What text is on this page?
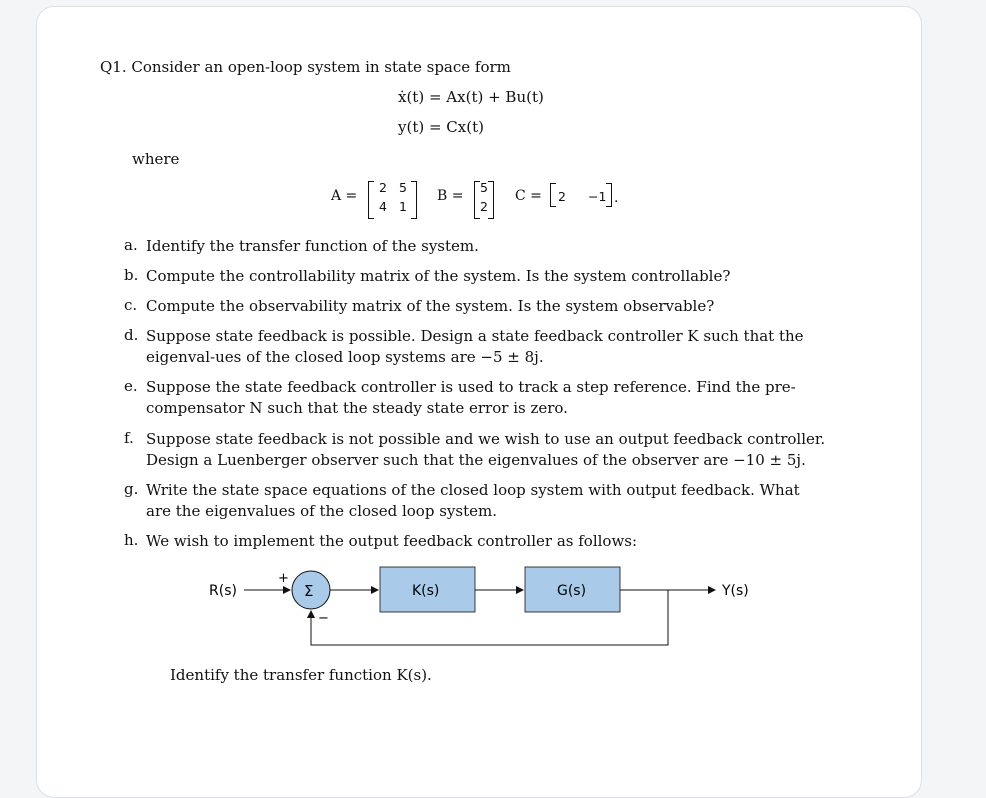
Q1. Consider an open-loop system in state space form
ẋ(t) = Ax(t) + Bu(t)
y(t) = Cx(t)
where
A =
2 5
4 1
B =
5
2
C = 2 −1 .
a. Identify the transfer function of the system.
b. Compute the controllability matrix of the system. Is the system controllable?
c. Compute the observability matrix of the system. Is the system observable?
d. Suppose state feedback is possible. Design a state feedback controller K such that the eigenval-ues of the closed loop systems are −5 ± 8j.
e. Suppose the state feedback controller is used to track a step reference. Find the pre-compensator N such that the steady state error is zero.
f. Suppose state feedback is not possible and we wish to use an output feedback controller. Design a Luenberger observer such that the eigenvalues of the observer are −10 ± 5j.
g. Write the state space equations of the closed loop system with output feedback. What are the eigenvalues of the closed loop system.
h. We wish to implement the output feedback controller as follows:
R(s)
+
Σ	K(s)	G(s)	Y(s)
−
Identify the transfer function K(s).
